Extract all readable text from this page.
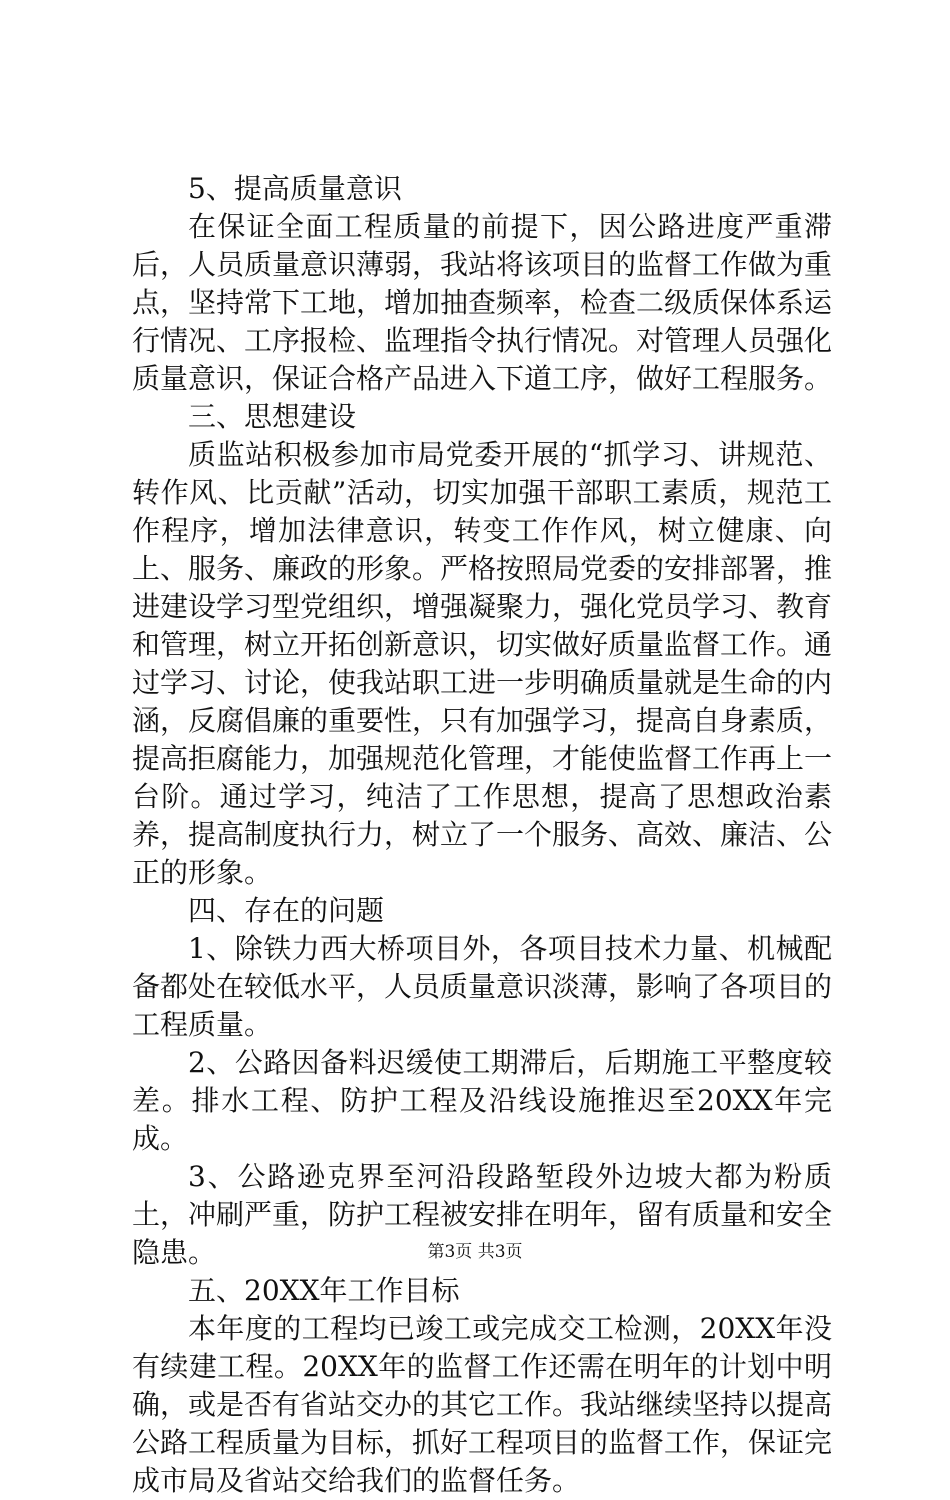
5、提高质量意识

在保证全面工程质量的前提下，因公路进度严重滞后，人员质量意识薄弱，我站将该项目的监督工作做为重点，坚持常下工地，增加抽查频率，检查二级质保体系运行情况、工序报检、监理指令执行情况。对管理人员强化质量意识，保证合格产品进入下道工序，做好工程服务。

三、思想建设

质监站积极参加市局党委开展的“抓学习、讲规范、转作风、比贡献”活动，切实加强干部职工素质，规范工作程序，增加法律意识，转变工作作风，树立健康、向上、服务、廉政的形象。严格按照局党委的安排部署，推进建设学习型党组织，增强凝聚力，强化党员学习、教育和管理，树立开拓创新意识，切实做好质量监督工作。通过学习、讨论，使我站职工进一步明确质量就是生命的内涵，反腐倡廉的重要性，只有加强学习，提高自身素质，提高拒腐能力，加强规范化管理，才能使监督工作再上一台阶。通过学习，纯洁了工作思想，提高了思想政治素养，提高制度执行力，树立了一个服务、高效、廉洁、公正的形象。

四、存在的问题

1、除铁力西大桥项目外，各项目技术力量、机械配备都处在较低水平，人员质量意识淡薄，影响了各项目的工程质量。

2、公路因备料迟缓使工期滞后，后期施工平整度较差。排水工程、防护工程及沿线设施推迟至20XX年完成。

3、公路逊克界至河沿段路堑段外边坡大都为粉质土，冲刷严重，防护工程被安排在明年，留有质量和安全隐患。

五、20XX年工作目标

本年度的工程均已竣工或完成交工检测，20XX年没有续建工程。20XX年的监督工作还需在明年的计划中明确，或是否有省站交办的其它工作。我站继续坚持以提高公路工程质量为目标，抓好工程项目的监督工作，保证完成市局及省站交给我们的监督任务。

第3页 共3页
